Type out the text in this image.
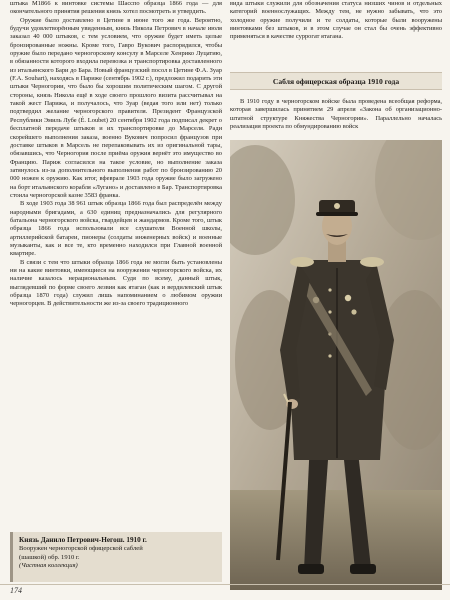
штыка М1866 к винтовке системы Шасспо образца 1866 года — для окончательного принятия решения князь хотел посмотреть и утвердить.

Оружие было доставлено в Цетине в июне того же года. Вероятно, будучи удовлетворённым увиденным, князь Никола Петрович в начале июля заказал 40 000 штыков, с тем условием, что оружие будет иметь целые бронзированные ножны. Кроме того, Гаврo Вукович распорядился, чтобы оружие было передано черногорскому консулу в Марселе Хенрико Луцатию, в обязанности которого входила перевозка и транспортировка доставленного из итальянского Бари до Бара. Новый французский посол в Цетине Ф.А. Зуар (F.A. Souhart), находясь в Париже (сентябрь 1902 г.), предложил подарить эти штыки Черногории, что было бы хорошим политическим шагом. С другой стороны, князь Никола ещё в ходе своего прошлого визита рассчитывал на такой жест Парижа, и получалось, что Зуар (ведая того или нет) только подтвердил желание черногорского правителя. Президент Французской Республики Эмиль Лубе (É. Loubet) 20 сентября 1902 года подписал декрет о бесплатной передаче штыков и их транспортировке до Марселя. Ради скорейшего выполнения заказа, военно Вукович попросил французов при доставке штыков в Марсель не перепаковывать их из оригинальной тары, обязавшись, что Черногория после приёма оружия вернёт это имущество во Францию. Париж согласился на такое условие, но выполнение заказа затянулось из-за дополнительного выполнения работ по бронзированию 20 000 ножен к оружию. Как итог, вфеврале 1903 года оружие было загружено на борт итальянского корабля «Лугано» и доставлено в Бар. Транспортировка стоила черногорской казне 3583 франка.

В ходе 1903 года 38 961 штык образца 1866 года был распределён между народными бригадами, а 630 единиц предназначались для регулярного батальона черногорского войска, гвардейцев и жандармов. Кроме того, штык образца 1866 года использовали все слушатели Военной школы, артиллерийской батареи, пионеры (солдаты инженерных войск) и военные музыканты, как и все те, кто временно находился при Главной военной квартире.

В связи с тем что штыки образца 1866 года не могли быть установлены ни на какие винтовки, имеющиеся на вооружении черногорского войска, их наличие казалось нерациональным. Судя по всему, данный штык, выглядевший по форме своего лезвия как ятаган (как и вердилевский штык образца 1870 года) служил лишь напоминанием о любимом оружии черногорцев. В действительности же из-за своего традиционного

вида штыки служили для обозначения статуса низших чинов и отдельных категорий военнослужащих. Между тем, не нужно забывать, что это холодное оружие получили и те солдаты, которые были вооружены винтовками без штыков, и в этом случае он стал бы очень эффективно применяться в качестве суррогат ятагана.

Сабля офицерская образца 1910 года

В 1910 году в черногорском войске была проведена всеобщая реформа, которая завершилась принятием 29 апреля «Закона об организационно-штатной структуре Княжества Черногории». Параллельно началась реализация проекта по обмундированию войск

Князь Данило Петрович-Негош. 1910 г.
Вооружен черногорской офицерской саблей
(шашкой) обр. 1910 г.
(Частная коллекция)
174
